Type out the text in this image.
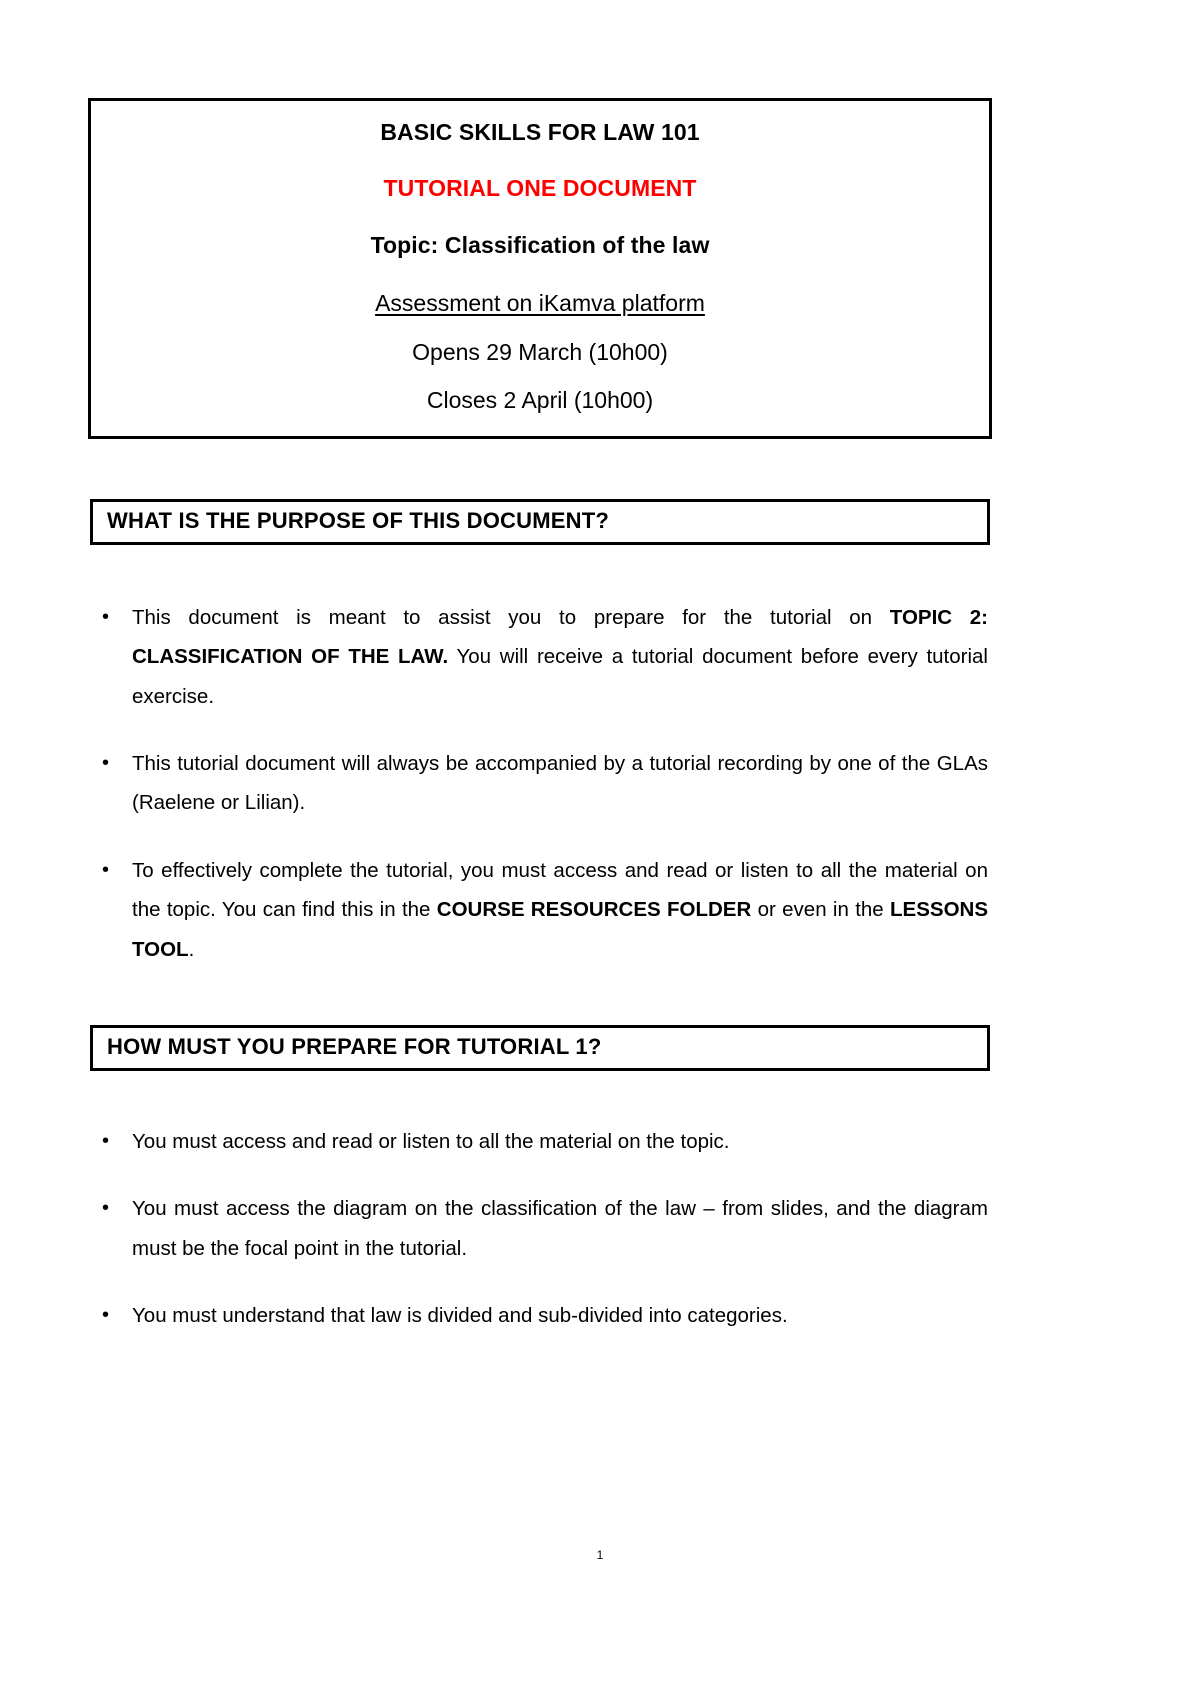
BASIC SKILLS FOR LAW 101
TUTORIAL ONE DOCUMENT
Topic: Classification of the law
Assessment on iKamva platform
Opens 29 March (10h00)
Closes 2 April (10h00)
WHAT IS THE PURPOSE OF THIS DOCUMENT?
• This document is meant to assist you to prepare for the tutorial on TOPIC 2: CLASSIFICATION OF THE LAW. You will receive a tutorial document before every tutorial exercise.
• This tutorial document will always be accompanied by a tutorial recording by one of the GLAs (Raelene or Lilian).
• To effectively complete the tutorial, you must access and read or listen to all the material on the topic. You can find this in the COURSE RESOURCES FOLDER or even in the LESSONS TOOL.
HOW MUST YOU PREPARE FOR TUTORIAL 1?
• You must access and read or listen to all the material on the topic.
• You must access the diagram on the classification of the law – from slides, and the diagram must be the focal point in the tutorial.
• You must understand that law is divided and sub-divided into categories.
1
